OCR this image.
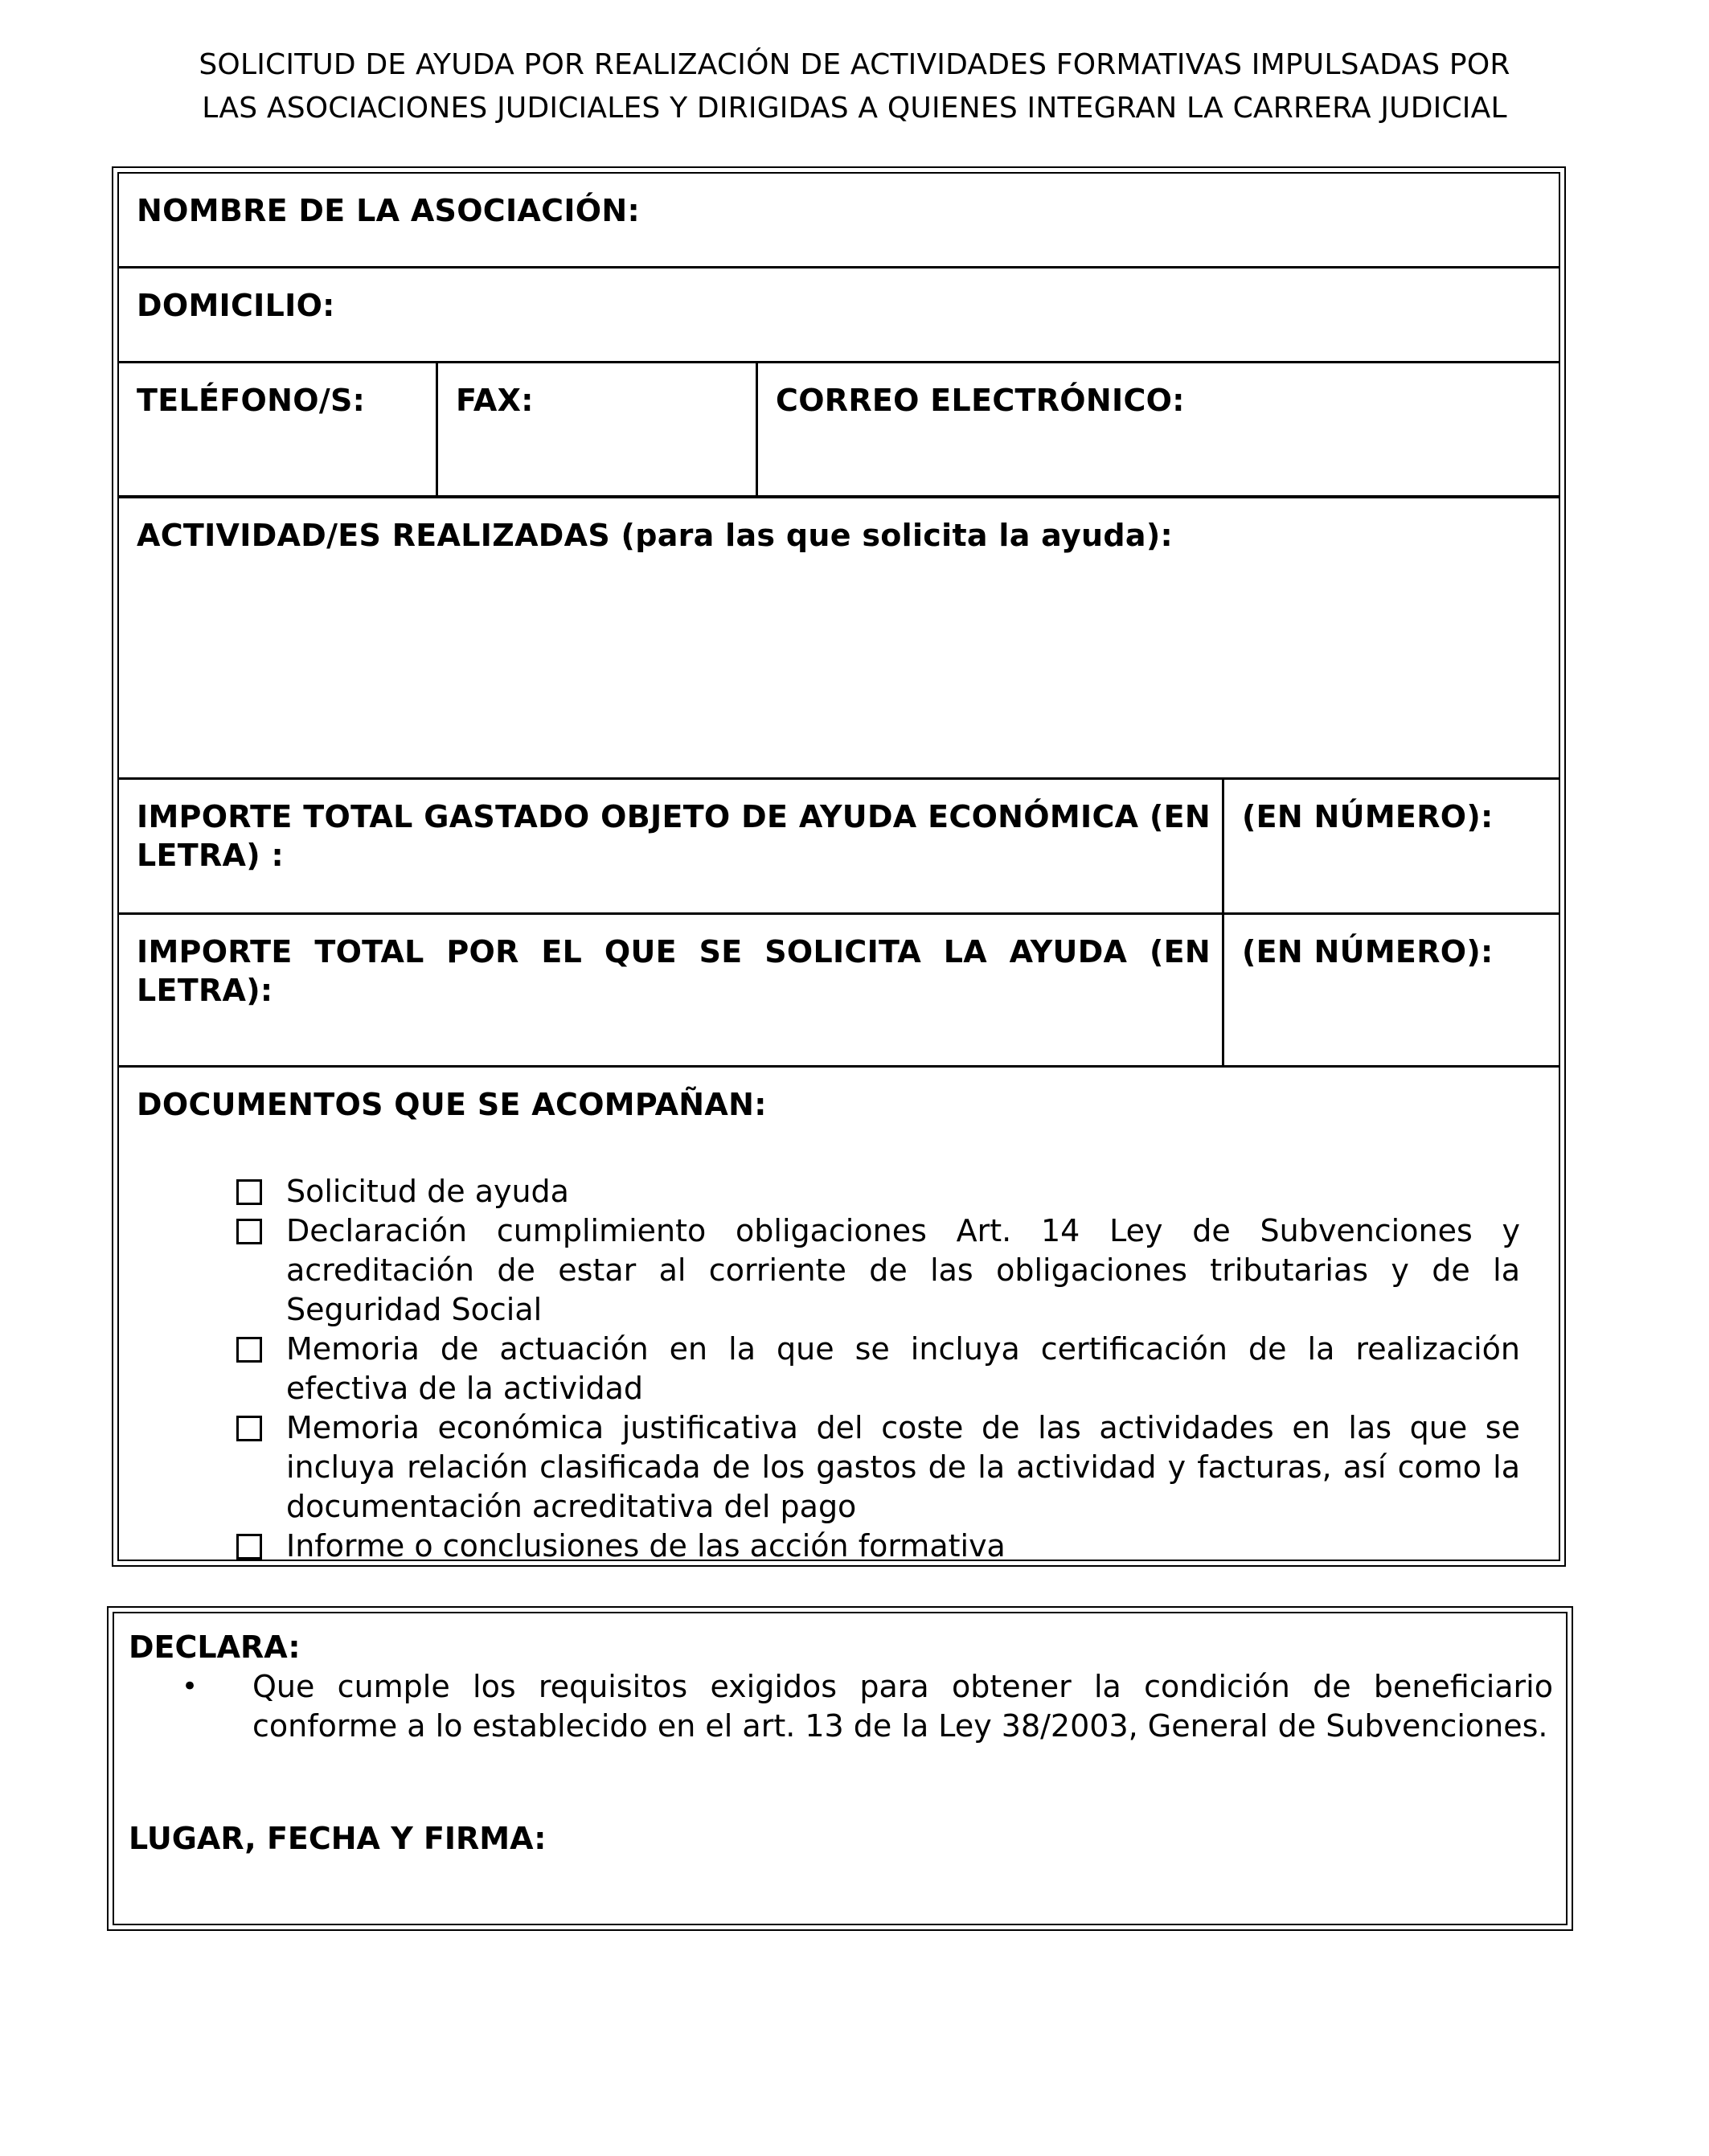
SOLICITUD DE AYUDA POR REALIZACIÓN DE ACTIVIDADES FORMATIVAS IMPULSADAS POR
LAS ASOCIACIONES JUDICIALES Y DIRIGIDAS A QUIENES INTEGRAN LA CARRERA JUDICIAL
NOMBRE DE LA ASOCIACIÓN:
DOMICILIO:
TELÉFONO/S:	FAX:	CORREO ELECTRÓNICO:
ACTIVIDAD/ES REALIZADAS (para las que solicita la ayuda):
IMPORTE TOTAL GASTADO OBJETO DE AYUDA ECONÓMICA (EN LETRA) :
(EN NÚMERO):
IMPORTE TOTAL POR EL QUE SE SOLICITA LA AYUDA (EN LETRA):
(EN NÚMERO):
DOCUMENTOS QUE SE ACOMPAÑAN:
Solicitud de ayuda
Declaración cumplimiento obligaciones Art. 14 Ley de Subvenciones y acreditación de estar al corriente de las obligaciones tributarias y de la Seguridad Social
Memoria de actuación en la que se incluya certificación de la realización efectiva de la actividad
Memoria económica justificativa del coste de las actividades en las que se incluya relación clasificada de los gastos de la actividad y facturas, así como la documentación acreditativa del pago
Informe o conclusiones de las acción formativa
DECLARA:
• Que cumple los requisitos exigidos para obtener la condición de beneficiario conforme a lo establecido en el art. 13 de la Ley 38/2003, General de Subvenciones.
LUGAR, FECHA Y FIRMA:
